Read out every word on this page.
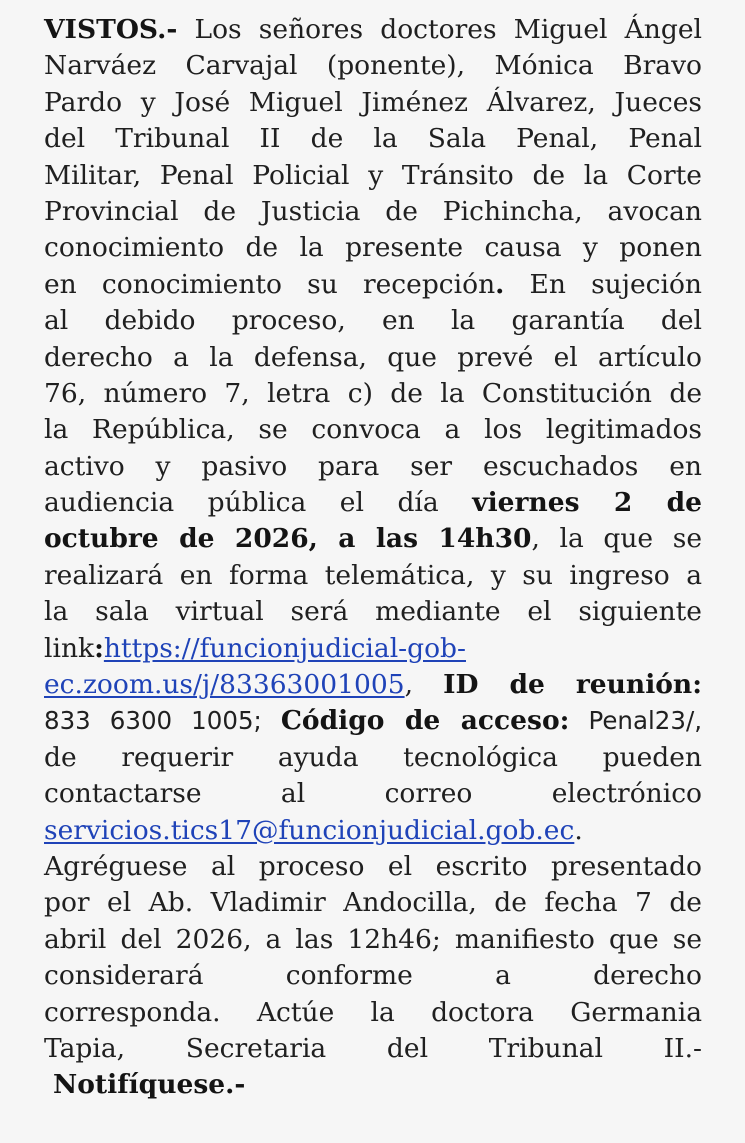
VISTOS.- Los señores doctores Miguel Ángel
Narváez Carvajal (ponente), Mónica Bravo
Pardo y José Miguel Jiménez Álvarez, Jueces
del Tribunal II de la Sala Penal, Penal
Militar, Penal Policial y Tránsito de la Corte
Provincial de Justicia de Pichincha, avocan
conocimiento de la presente causa y ponen
en conocimiento su recepción. En sujeción
al debido proceso, en la garantía del
derecho a la defensa, que prevé el artículo
76, número 7, letra c) de la Constitución de
la República, se convoca a los legitimados
activo y pasivo para ser escuchados en
audiencia pública el día viernes 2 de
octubre de 2026, a las 14h30, la que se
realizará en forma telemática, y su ingreso a
la sala virtual será mediante el siguiente
link:https://funcionjudicial-gob-
ec.zoom.us/j/83363001005, ID de reunión:
833 6300 1005; Código de acceso: Penal23/,
de requerir ayuda tecnológica pueden
contactarse al correo electrónico
servicios.tics17@funcionjudicial.gob.ec.
Agréguese al proceso el escrito presentado
por el Ab. Vladimir Andocilla, de fecha 7 de
abril del 2026, a las 12h46; manifiesto que se
considerará conforme a derecho
corresponda. Actúe la doctora Germania
Tapia, Secretaria del Tribunal II.-
Notifíquese.-
